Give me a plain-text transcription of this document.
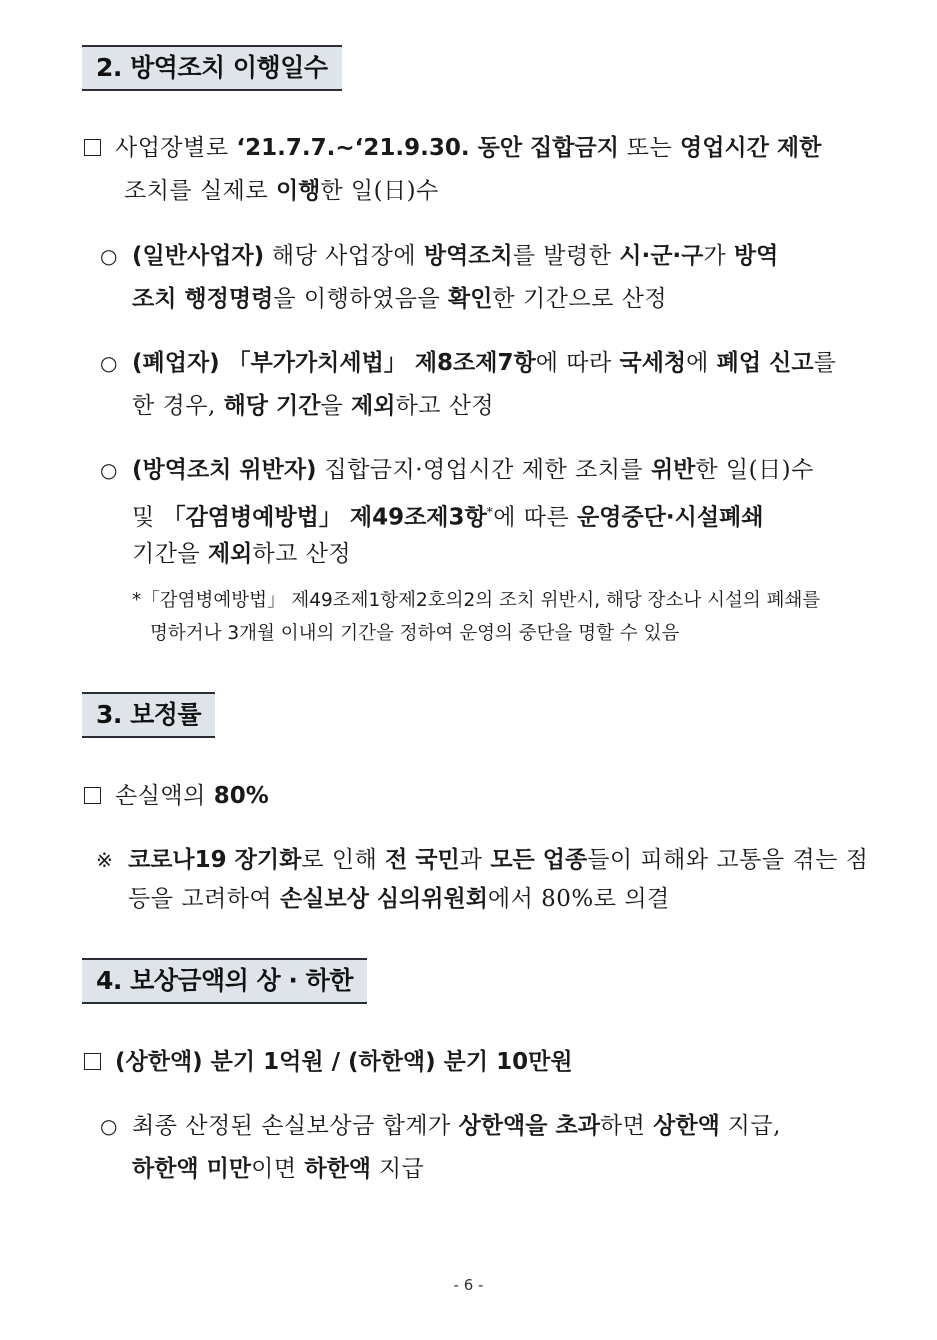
2. 방역조치 이행일수
사업장별로 ‘21.7.7.~‘21.9.30. 동안 집합금지 또는 영업시간 제한
조치를 실제로 이행한 일(日)수
○ (일반사업자) 해당 사업장에 방역조치를 발령한 시·군·구가 방역
조치 행정명령을 이행하였음을 확인한 기간으로 산정
○ (폐업자) 「부가가치세법」 제8조제7항에 따라 국세청에 폐업 신고를
한 경우, 해당 기간을 제외하고 산정
○ (방역조치 위반자) 집합금지·영업시간 제한 조치를 위반한 일(日)수
및 「감염병예방법」 제49조제3항*에 따른 운영중단·시설폐쇄
기간을 제외하고 산정
*「감염병예방법」 제49조제1항제2호의2의 조치 위반시, 해당 장소나 시설의 폐쇄를
명하거나 3개월 이내의 기간을 정하여 운영의 중단을 명할 수 있음
3. 보정률
손실액의 80%
※ 코로나19 장기화로 인해 전 국민과 모든 업종들이 피해와 고통을 겪는 점
등을 고려하여 손실보상 심의위원회에서 80%로 의결
4. 보상금액의 상 · 하한
(상한액) 분기 1억원 / (하한액) 분기 10만원
○ 최종 산정된 손실보상금 합계가 상한액을 초과하면 상한액 지급,
하한액 미만이면 하한액 지급
- 6 -
